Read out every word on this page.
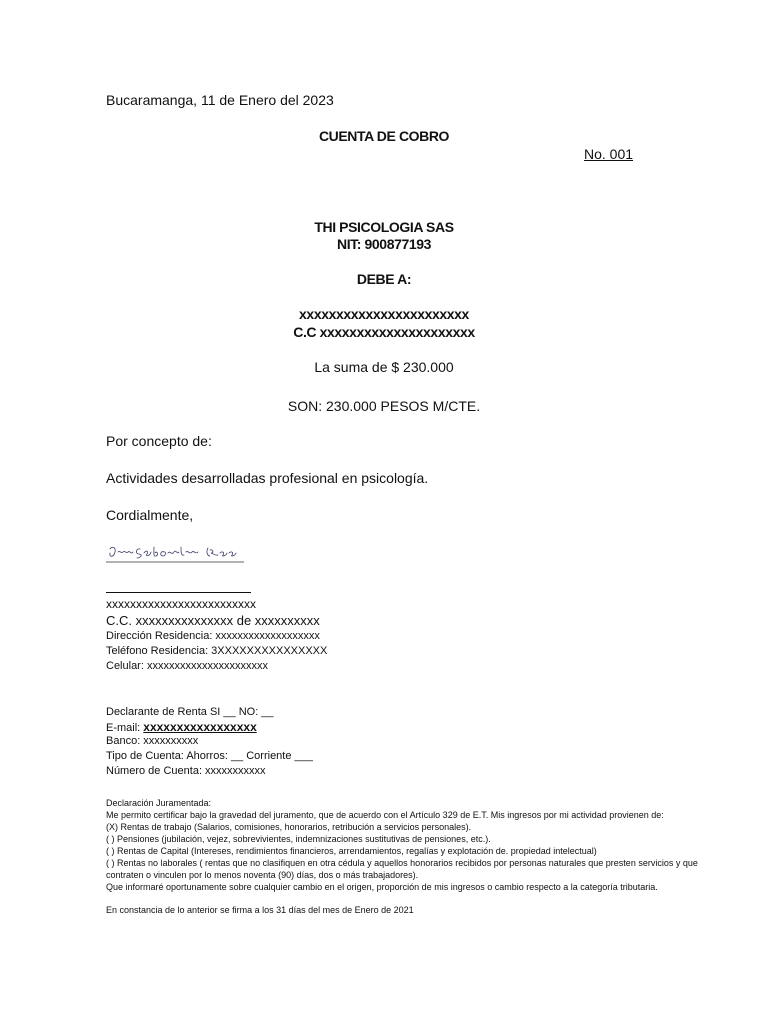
Bucaramanga, 11 de Enero del 2023
CUENTA DE COBRO
No. 001
THI PSICOLOGIA SAS
NIT: 900877193
DEBE A:
xxxxxxxxxxxxxxxxxxxxxxx
C.C xxxxxxxxxxxxxxxxxxxxx
La suma de $ 230.000
SON: 230.000 PESOS M/CTE.
Por concepto de:
Actividades desarrolladas profesional en psicología.
Cordialmente,
xxxxxxxxxxxxxxxxxxxxxxxxx
C.C. xxxxxxxxxxxxxxx de xxxxxxxxxx
Dirección Residencia: xxxxxxxxxxxxxxxxxxx
Teléfono Residencia: 3XXXXXXXXXXXXXXX
Celular: xxxxxxxxxxxxxxxxxxxxxx
Declarante de Renta SI __ NO: __
E-mail: xxxxxxxxxxxxxxxxx
Banco: xxxxxxxxxx
Tipo de Cuenta: Ahorros: __ Corriente ___
Número de Cuenta: xxxxxxxxxxx
Declaración Juramentada:
Me permito certificar bajo la gravedad del juramento, que de acuerdo con el Artículo 329 de E.T. Mis ingresos por mi actividad provienen de:
(X) Rentas de trabajo (Salarios, comisiones, honorarios, retribución a servicios personales).
( ) Pensiones (jubilación, vejez, sobrevivientes, indemnizaciones sustitutivas de pensiones, etc.).
( ) Rentas de Capital (Intereses, rendimientos financieros, arrendamientos, regalías y explotación de. propiedad intelectual)
( ) Rentas no laborales ( rentas que no clasifiquen en otra cédula y aquellos honorarios recibidos por personas naturales que presten servicios y que
contraten o vinculen por lo menos noventa (90) días, dos o más trabajadores).
Que informaré oportunamente sobre cualquier cambio en el origen, proporción de mis ingresos o cambio respecto a la categoría tributaria.
En constancia de lo anterior se firma a los 31 días del mes de Enero de 2021
